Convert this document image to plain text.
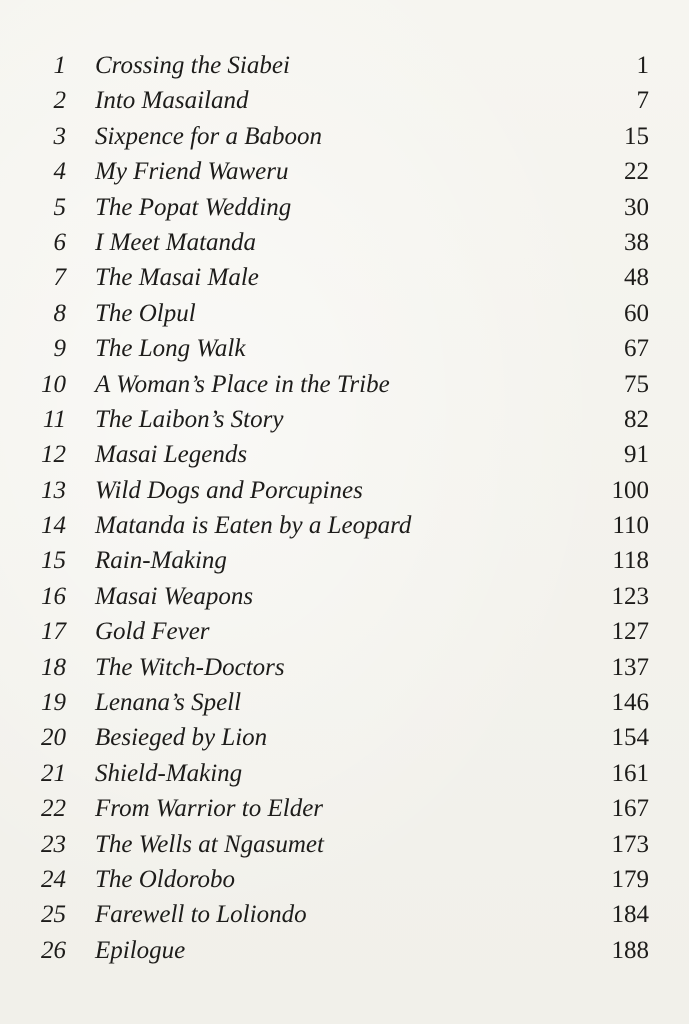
1 Crossing the Siabei	1
2 Into Masailand	7
3 Sixpence for a Baboon	15
4 My Friend Waweru	22
5 The Popat Wedding	30
6 I Meet Matanda	38
7 The Masai Male	48
8 The Olpul	60
9 The Long Walk	67
10 A Woman’s Place in the Tribe	75
11 The Laibon’s Story	82
12 Masai Legends	91
13 Wild Dogs and Porcupines	100
14 Matanda is Eaten by a Leopard	110
15 Rain-Making	118
16 Masai Weapons	123
17 Gold Fever	127
18 The Witch-Doctors	137
19 Lenana’s Spell	146
20 Besieged by Lion	154
21 Shield-Making	161
22 From Warrior to Elder	167
23 The Wells at Ngasumet	173
24 The Oldorobo	179
25 Farewell to Loliondo	184
26 Epilogue	188
